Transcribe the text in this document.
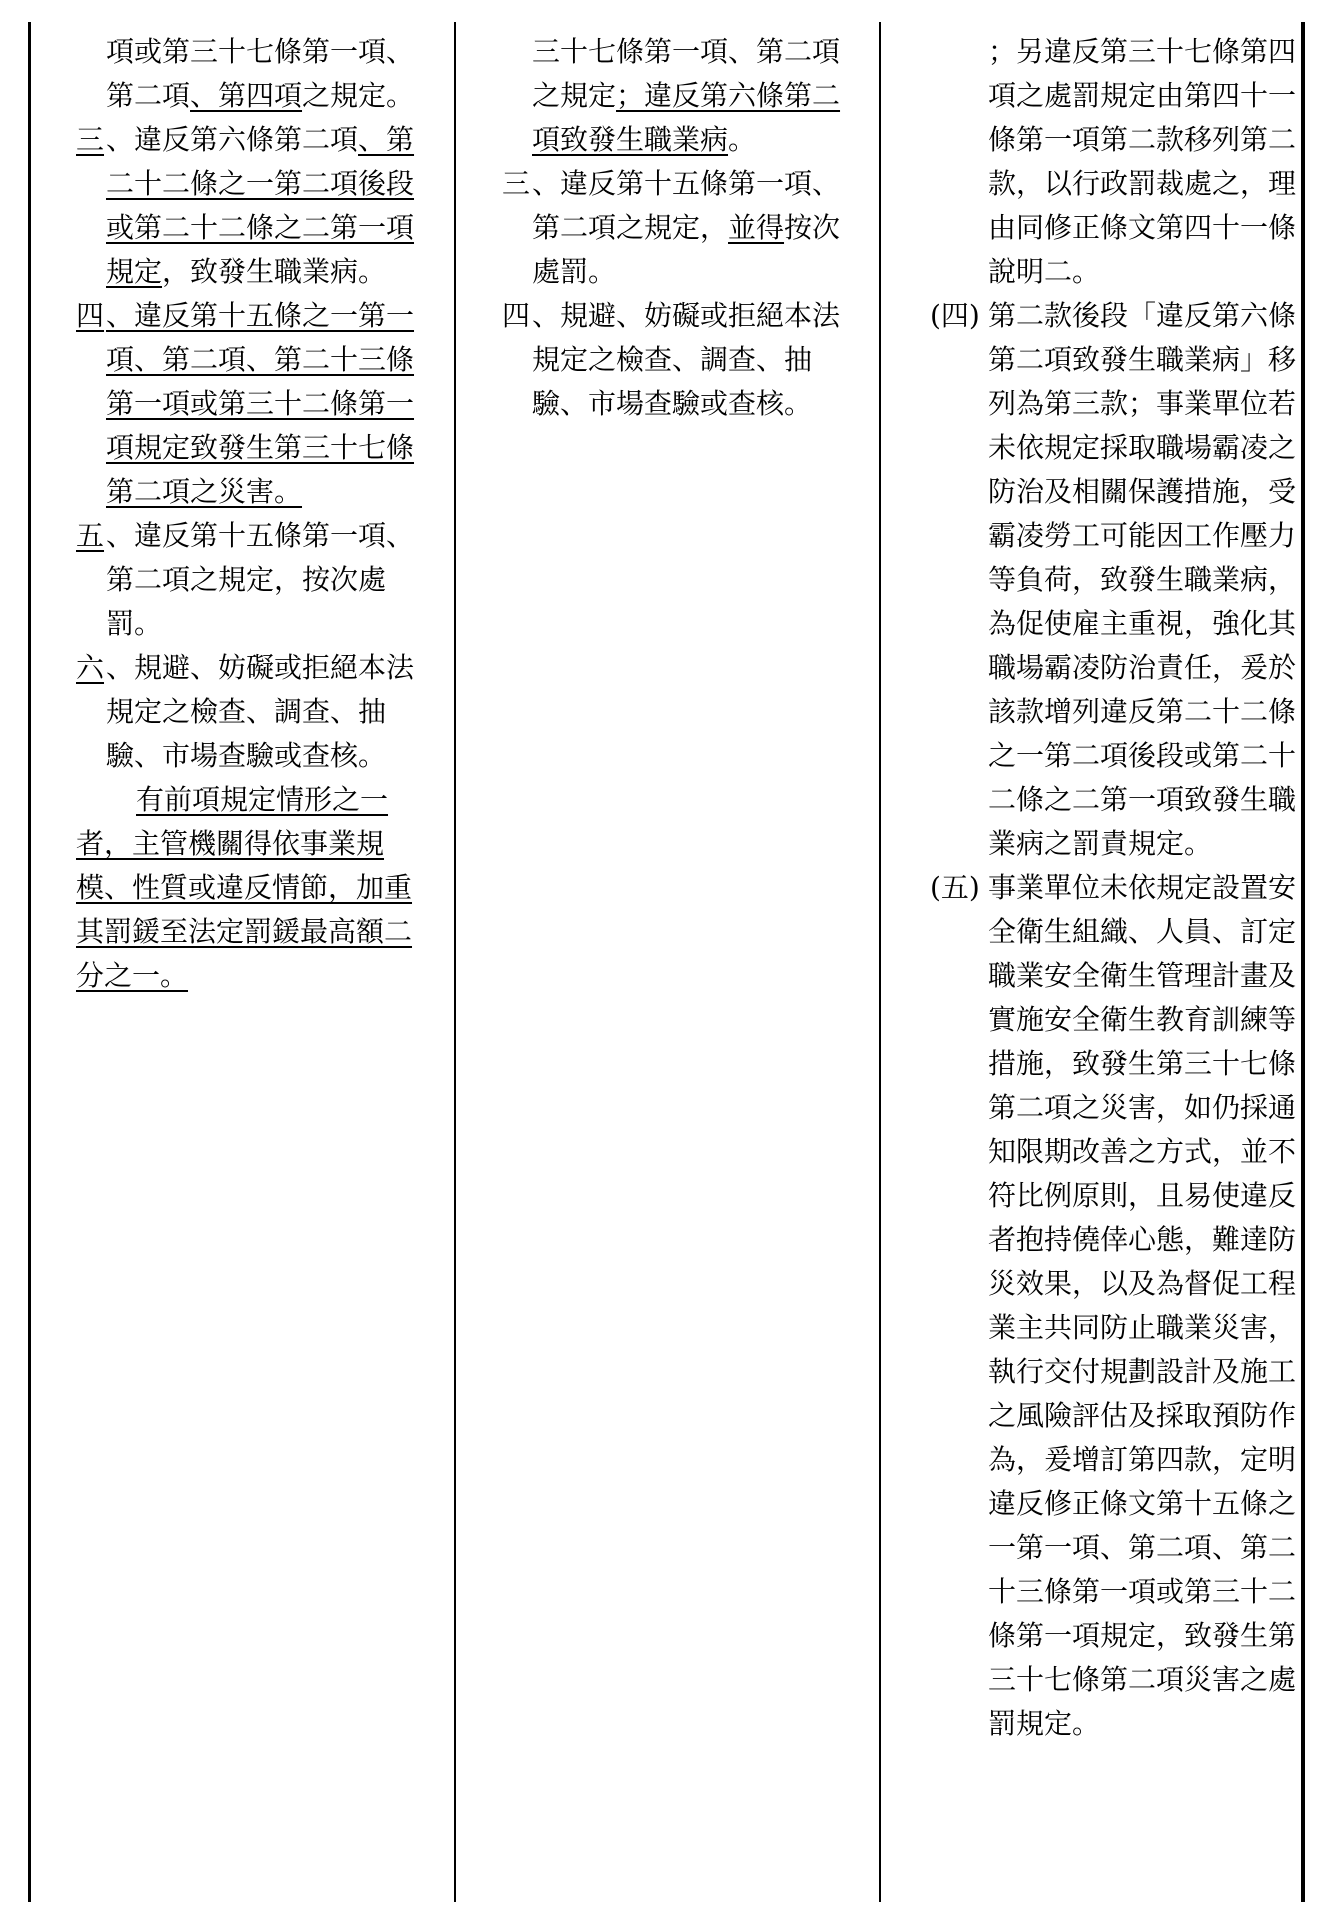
項或第三十七條第一項、第二項、第四項之規定。
三 、違反第六條第二項、第二十二條之一第二項後段或第二十二條之二第一項規定，致發生職業病。
四 、違反第十五條之一第一項、第二項、第二十三條第一項或第三十二條第一項規定致發生第三十七條第二項之災害。
五 、違反第十五條第一項、第二項之規定，按次處罰。
六 、規避、妨礙或拒絕本法規定之檢查、調查、抽驗、市場查驗或查核。
有前項規定情形之一者，主管機關得依事業規模、性質或違反情節，加重其罰鍰至法定罰鍰最高額二分之一。
三十七條第一項、第二項之規定；違反第六條第二項致發生職業病。
三 、違反第十五條第一項、第二項之規定，並得按次處罰。
四 、規避、妨礙或拒絕本法規定之檢查、調查、抽驗、市場查驗或查核。
；另違反第三十七條第四項之處罰規定由第四十一條第一項第二款移列第二款，以行政罰裁處之，理由同修正條文第四十一條說明二。
(四) 第二款後段「違反第六條第二項致發生職業病」移列為第三款；事業單位若未依規定採取職場霸凌之防治及相關保護措施，受霸凌勞工可能因工作壓力等負荷，致發生職業病，為促使雇主重視，強化其職場霸凌防治責任，爰於該款增列違反第二十二條之一第二項後段或第二十二條之二第一項致發生職業病之罰責規定。
(五) 事業單位未依規定設置安全衛生組織、人員、訂定職業安全衛生管理計畫及實施安全衛生教育訓練等措施，致發生第三十七條第二項之災害，如仍採通知限期改善之方式，並不符比例原則，且易使違反者抱持僥倖心態，難達防災效果，以及為督促工程業主共同防止職業災害，執行交付規劃設計及施工之風險評估及採取預防作為，爰增訂第四款，定明違反修正條文第十五條之一第一項、第二項、第二十三條第一項或第三十二條第一項規定，致發生第三十七條第二項災害之處罰規定。
